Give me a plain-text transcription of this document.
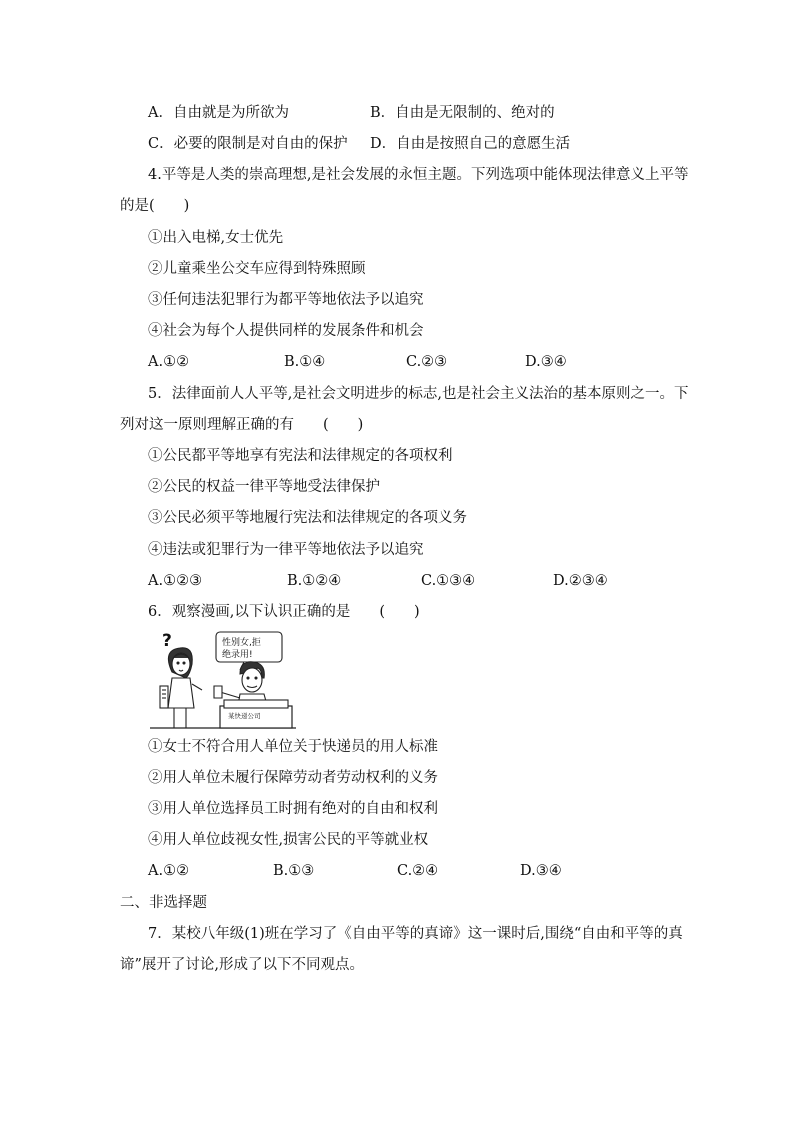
A．自由就是为所欲为	B．自由是无限制的、绝对的
C．必要的限制是对自由的保护 D．自由是按照自己的意愿生活
4.平等是人类的崇高理想,是社会发展的永恒主题。下列选项中能体现法律意义上平等
的是(　　)
①出入电梯,女士优先
②儿童乘坐公交车应得到特殊照顾
③任何违法犯罪行为都平等地依法予以追究
④社会为每个人提供同样的发展条件和机会
A.①②	B.①④	C.②③	D.③④
5．法律面前人人平等,是社会文明进步的标志,也是社会主义法治的基本原则之一。下
列对这一原则理解正确的有　　(　　)
①公民都平等地享有宪法和法律规定的各项权利
②公民的权益一律平等地受法律保护
③公民必须平等地履行宪法和法律规定的各项义务
④违法或犯罪行为一律平等地依法予以追究
A.①②③	B.①②④	C.①③④	D.②③④
6．观察漫画,以下认识正确的是　　(　　)
?	性别女,拒
绝录用!
某快递公司
①女士不符合用人单位关于快递员的用人标准
②用人单位未履行保障劳动者劳动权利的义务
③用人单位选择员工时拥有绝对的自由和权利
④用人单位歧视女性,损害公民的平等就业权
A.①②	B.①③	C.②④	D.③④
二、非选择题
7．某校八年级(1)班在学习了《自由平等的真谛》这一课时后,围绕“自由和平等的真
谛”展开了讨论,形成了以下不同观点。
